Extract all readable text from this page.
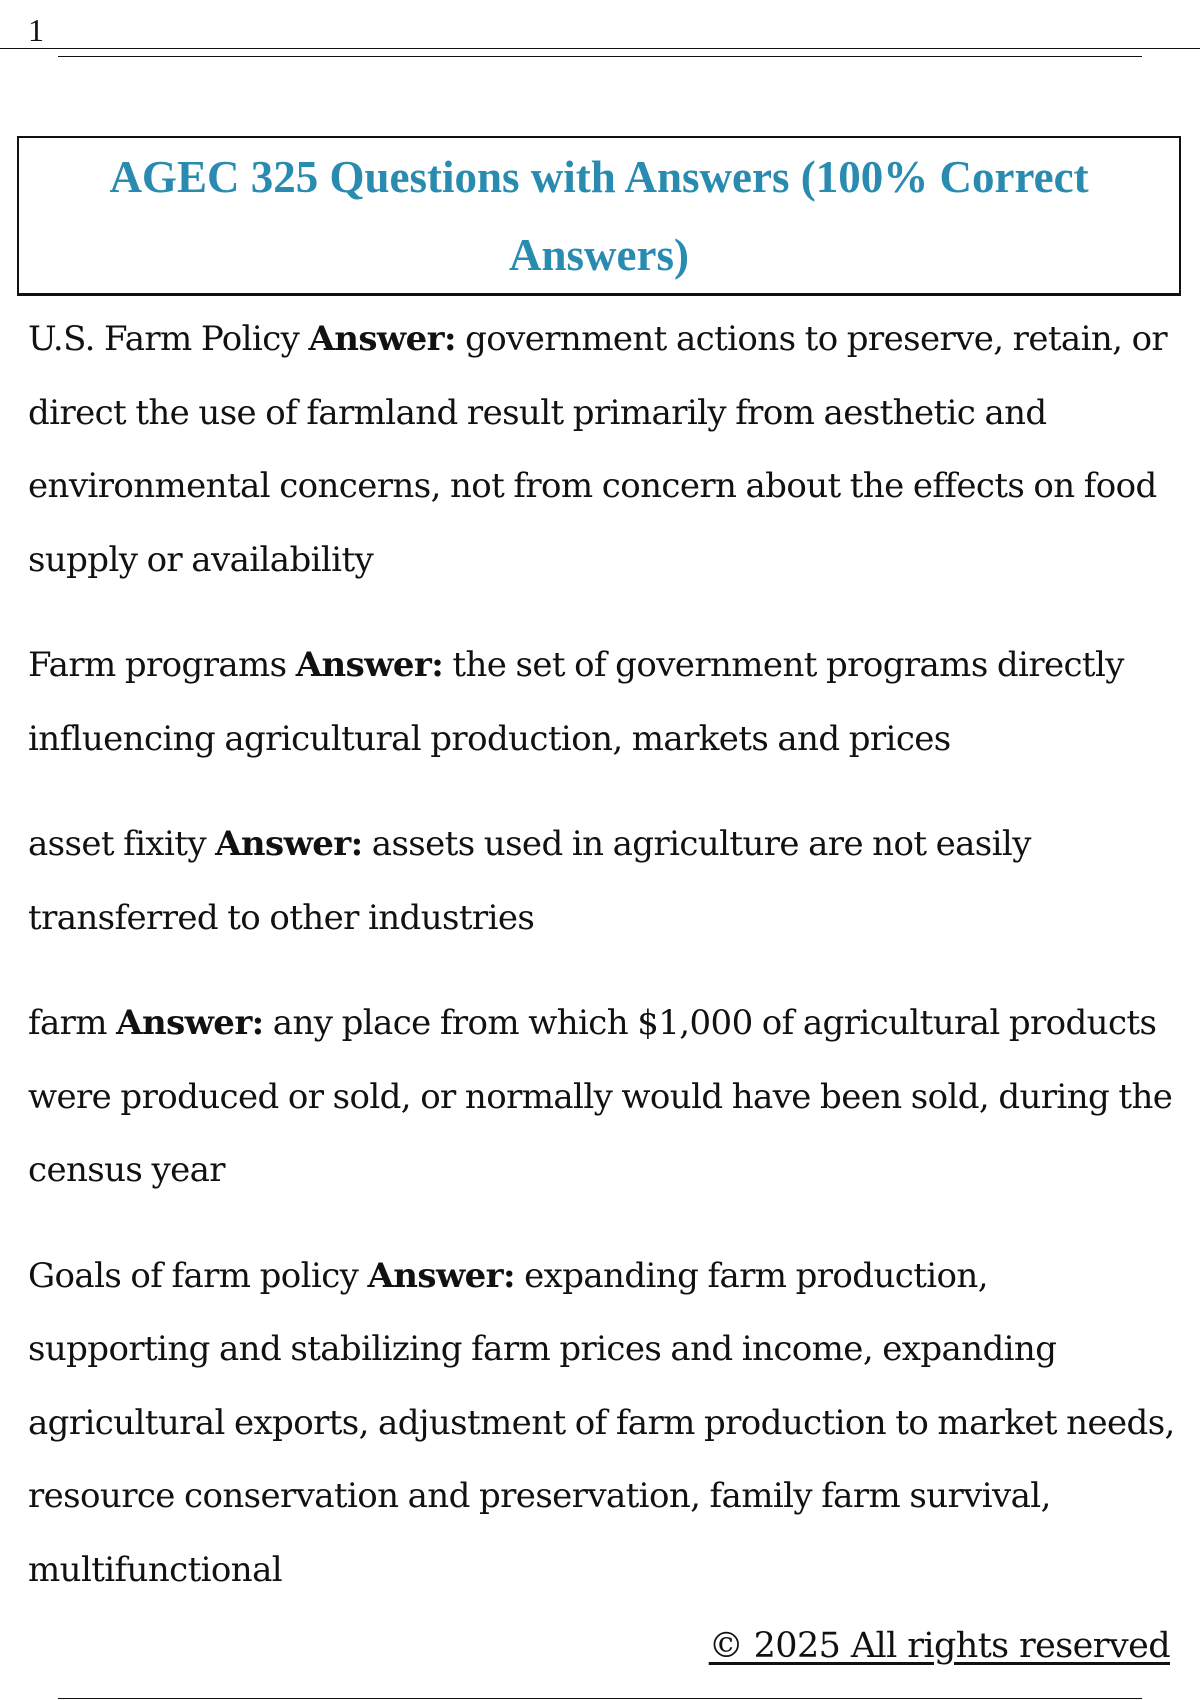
1
AGEC 325 Questions with Answers (100% Correct Answers)

U.S. Farm Policy Answer: government actions to preserve, retain, or direct the use of farmland result primarily from aesthetic and environmental concerns, not from concern about the effects on food supply or availability

Farm programs Answer: the set of government programs directly influencing agricultural production, markets and prices

asset fixity Answer: assets used in agriculture are not easily transferred to other industries

farm Answer: any place from which $1,000 of agricultural products were produced or sold, or normally would have been sold, during the census year

Goals of farm policy Answer: expanding farm production, supporting and stabilizing farm prices and income, expanding agricultural exports, adjustment of farm production to market needs, resource conservation and preservation, family farm survival, multifunctional

© 2025 All rights reserved
